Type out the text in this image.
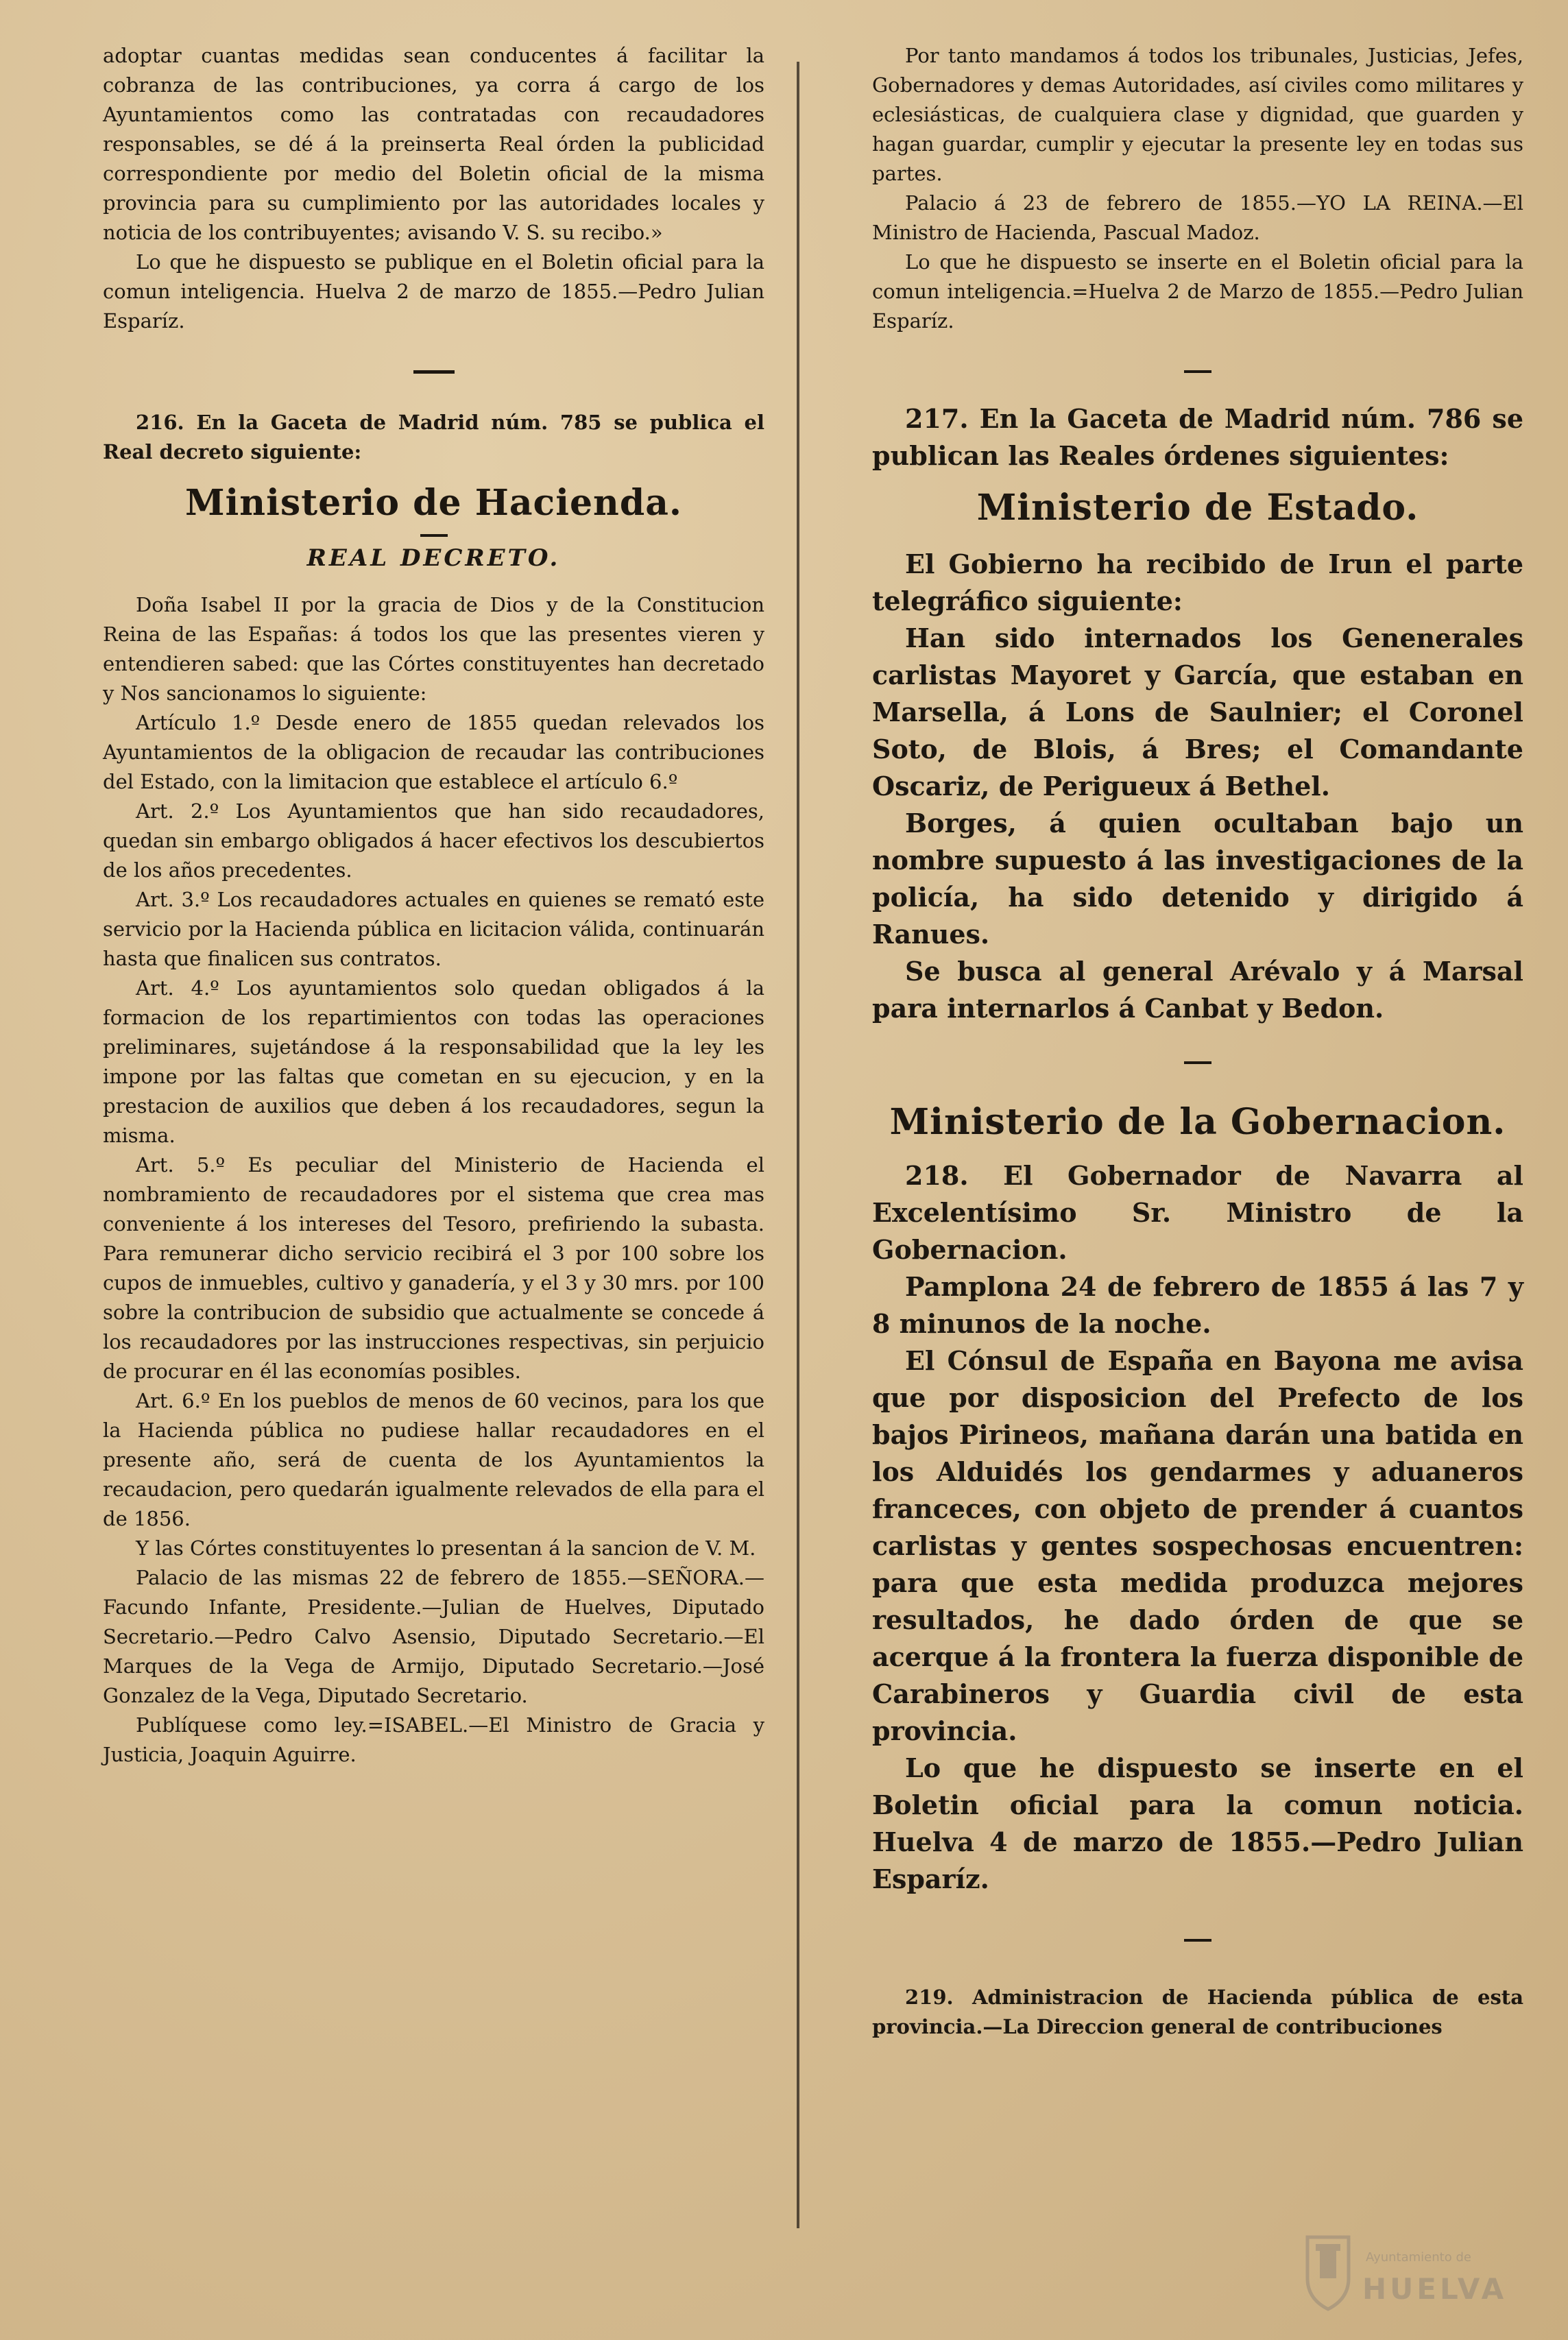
adoptar cuantas medidas sean conducentes á facilitar la cobranza de las contribuciones, ya corra á cargo de los Ayuntamientos como las contratadas con recaudadores responsables, se dé á la preinserta Real órden la publicidad correspondiente por medio del Boletin oficial de la misma provincia para su cumplimiento por las autoridades locales y noticia de los contribuyentes; avisando V. S. su recibo.»

Lo que he dispuesto se publique en el Boletin oficial para la comun inteligencia. Huelva 2 de marzo de 1855.—Pedro Julian Esparíz.

216. En la Gaceta de Madrid núm. 785 se publica el Real decreto siguiente:

Ministerio de Hacienda.
REAL DECRETO.

Doña Isabel II por la gracia de Dios y de la Constitucion Reina de las Españas: á todos los que las presentes vieren y entendieren sabed: que las Córtes constituyentes han decretado y Nos sancionamos lo siguiente:

Artículo 1.º Desde enero de 1855 quedan relevados los Ayuntamientos de la obligacion de recaudar las contribuciones del Estado, con la limitacion que establece el artículo 6.º

Art. 2.º Los Ayuntamientos que han sido recaudadores, quedan sin embargo obligados á hacer efectivos los descubiertos de los años precedentes.

Art. 3.º Los recaudadores actuales en quienes se remató este servicio por la Hacienda pública en licitacion válida, continuarán hasta que finalicen sus contratos.

Art. 4.º Los ayuntamientos solo quedan obligados á la formacion de los repartimientos con todas las operaciones preliminares, sujetándose á la responsabilidad que la ley les impone por las faltas que cometan en su ejecucion, y en la prestacion de auxilios que deben á los recaudadores, segun la misma.

Art. 5.º Es peculiar del Ministerio de Hacienda el nombramiento de recaudadores por el sistema que crea mas conveniente á los intereses del Tesoro, prefiriendo la subasta. Para remunerar dicho servicio recibirá el 3 por 100 sobre los cupos de inmuebles, cultivo y ganadería, y el 3 y 30 mrs. por 100 sobre la contribucion de subsidio que actualmente se concede á los recaudadores por las instrucciones respectivas, sin perjuicio de procurar en él las economías posibles.

Art. 6.º En los pueblos de menos de 60 vecinos, para los que la Hacienda pública no pudiese hallar recaudadores en el presente año, será de cuenta de los Ayuntamientos la recaudacion, pero quedarán igualmente relevados de ella para el de 1856.

Y las Córtes constituyentes lo presentan á la sancion de V. M.

Palacio de las mismas 22 de febrero de 1855.—SEÑORA.—Facundo Infante, Presidente.—Julian de Huelves, Diputado Secretario.—Pedro Calvo Asensio, Diputado Secretario.—El Marques de la Vega de Armijo, Diputado Secretario.—José Gonzalez de la Vega, Diputado Secretario.

Publíquese como ley.=ISABEL.—El Ministro de Gracia y Justicia, Joaquin Aguirre.

Por tanto mandamos á todos los tribunales, Justicias, Jefes, Gobernadores y demas Autoridades, así civiles como militares y eclesiásticas, de cualquiera clase y dignidad, que guarden y hagan guardar, cumplir y ejecutar la presente ley en todas sus partes.

Palacio á 23 de febrero de 1855.—YO LA REINA.—El Ministro de Hacienda, Pascual Madoz.

Lo que he dispuesto se inserte en el Boletin oficial para la comun inteligencia.=Huelva 2 de Marzo de 1855.—Pedro Julian Esparíz.

217. En la Gaceta de Madrid núm. 786 se publican las Reales órdenes siguientes:

Ministerio de Estado.

El Gobierno ha recibido de Irun el parte telegráfico siguiente:

Han sido internados los Genenerales carlistas Mayoret y García, que estaban en Marsella, á Lons de Saulnier; el Coronel Soto, de Blois, á Bres; el Comandante Oscariz, de Perigueux á Bethel.

Borges, á quien ocultaban bajo un nombre supuesto á las investigaciones de la policía, ha sido detenido y dirigido á Ranues.

Se busca al general Arévalo y á Marsal para internarlos á Canbat y Bedon.

Ministerio de la Gobernacion.

218. El Gobernador de Navarra al Excelentísimo Sr. Ministro de la Gobernacion.

Pamplona 24 de febrero de 1855 á las 7 y 8 minunos de la noche.

El Cónsul de España en Bayona me avisa que por disposicion del Prefecto de los bajos Pirineos, mañana darán una batida en los Alduidés los gendarmes y aduaneros franceces, con objeto de prender á cuantos carlistas y gentes sospechosas encuentren: para que esta medida produzca mejores resultados, he dado órden de que se acerque á la frontera la fuerza disponible de Carabineros y Guardia civil de esta provincia.

Lo que he dispuesto se inserte en el Boletin oficial para la comun noticia. Huelva 4 de marzo de 1855.—Pedro Julian Esparíz.

219. Administracion de Hacienda pública de esta provincia.—La Direccion general de contribuciones

Ayuntamiento de
HUELVA
